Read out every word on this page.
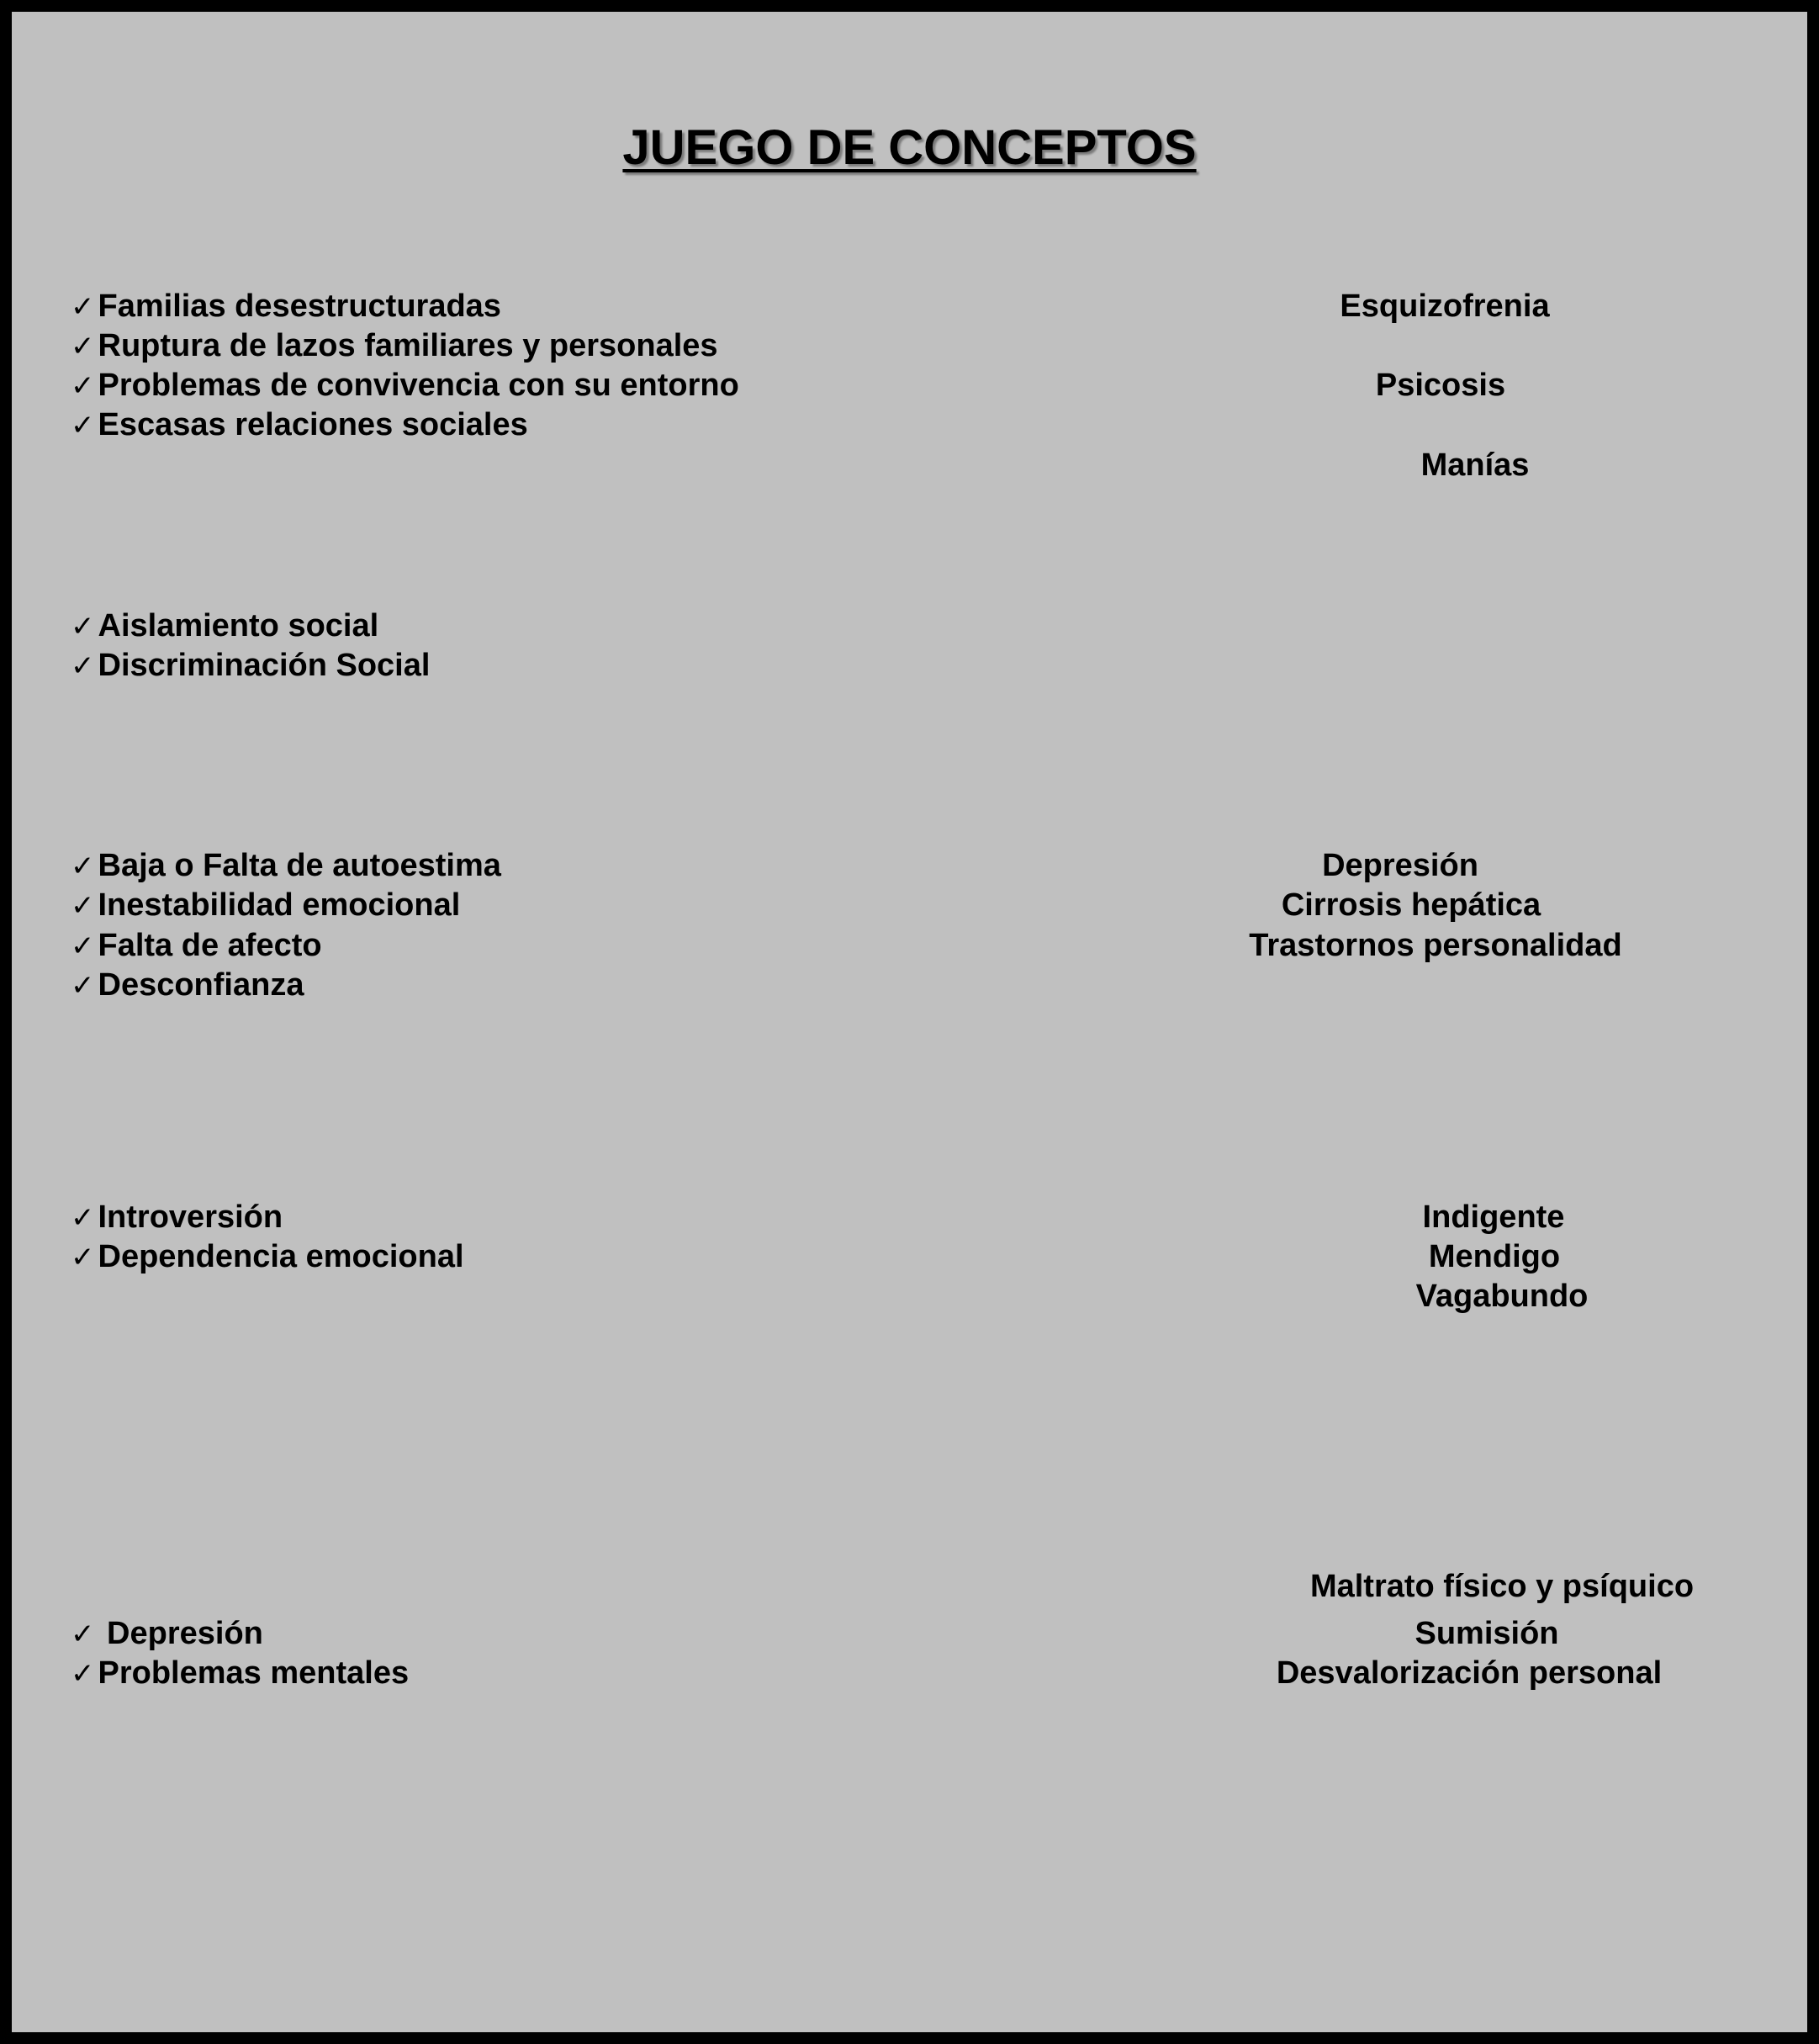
JUEGO DE CONCEPTOS
✓ Familias desestructuradas
✓ Ruptura de lazos familiares y personales
✓ Problemas de convivencia con su entorno
✓ Escasas relaciones sociales
✓ Aislamiento social
✓ Discriminación Social
✓ Baja o Falta de autoestima
✓ Inestabilidad emocional
✓ Falta de afecto
✓ Desconfianza
✓ Introversión
✓ Dependencia emocional
✓ Depresión
✓ Problemas mentales
Esquizofrenia
Psicosis
Manías
Depresión
Cirrosis hepática
Trastornos personalidad
Indigente
Mendigo
Vagabundo
Maltrato físico y psíquico
Sumisión
Desvalorización personal
